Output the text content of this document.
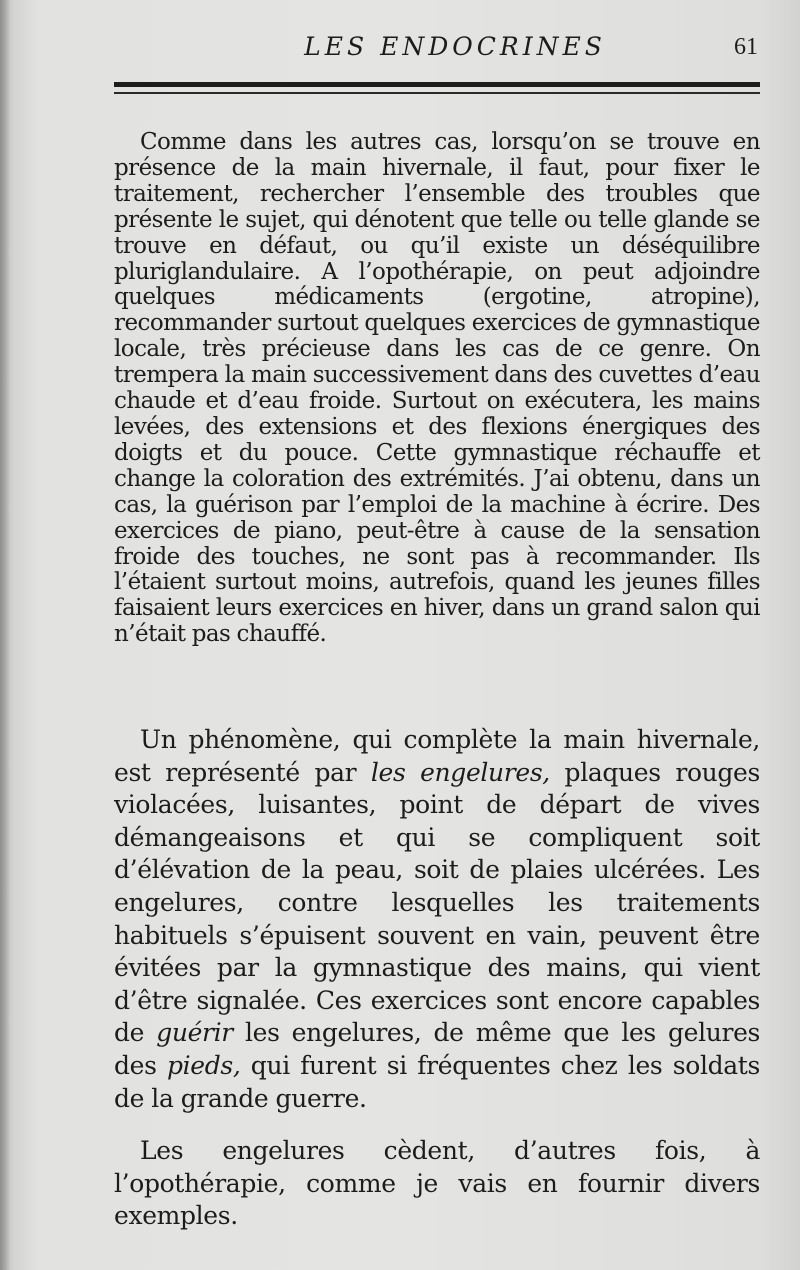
LES ENDOCRINES	61

Comme dans les autres cas, lorsqu’on se trouve en présence de la main hivernale, il faut, pour fixer le traitement, rechercher l’ensemble des troubles que présente le sujet, qui dénotent que telle ou telle glande se trouve en défaut, ou qu’il existe un déséquilibre pluriglandulaire. A l’opothérapie, on peut adjoindre quelques médicaments (ergotine, atropine), recommander surtout quelques exercices de gymnastique locale, très précieuse dans les cas de ce genre. On trempera la main successivement dans des cuvettes d’eau chaude et d’eau froide. Surtout on exécutera, les mains levées, des extensions et des flexions énergiques des doigts et du pouce. Cette gymnastique réchauffe et change la coloration des extrémités. J’ai obtenu, dans un cas, la guérison par l’emploi de la machine à écrire. Des exercices de piano, peut-être à cause de la sensation froide des touches, ne sont pas à recommander. Ils l’étaient surtout moins, autrefois, quand les jeunes filles faisaient leurs exercices en hiver, dans un grand salon qui n’était pas chauffé.

Un phénomène, qui complète la main hivernale, est représenté par les engelures, plaques rouges violacées, luisantes, point de départ de vives démangeaisons et qui se compliquent soit d’élévation de la peau, soit de plaies ulcérées. Les engelures, contre lesquelles les traitements habituels s’épuisent souvent en vain, peuvent être évitées par la gymnastique des mains, qui vient d’être signalée. Ces exercices sont encore capables de guérir les engelures, de même que les gelures des pieds, qui furent si fréquentes chez les soldats de la grande guerre.

Les engelures cèdent, d’autres fois, à l’opothérapie, comme je vais en fournir divers exemples.
